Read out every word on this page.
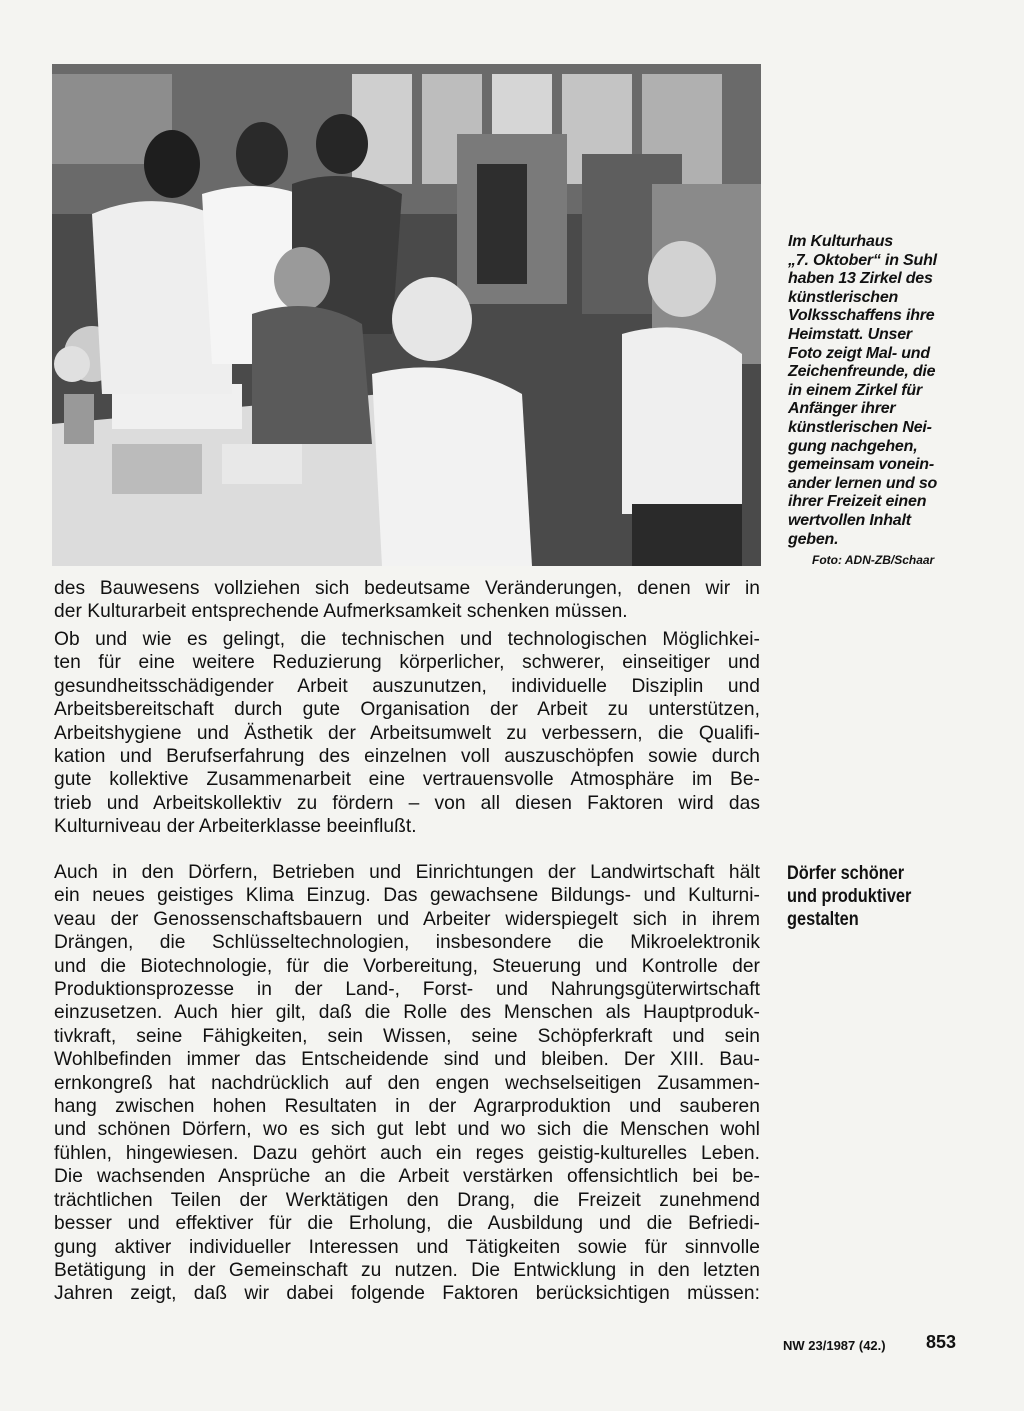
Im Kulturhaus
„7. Oktober“ in Suhl
haben 13 Zirkel des
künstlerischen
Volksschaffens ihre
Heimstatt. Unser
Foto zeigt Mal- und
Zeichenfreunde, die
in einem Zirkel für
Anfänger ihrer
künstlerischen Nei-
gung nachgehen,
gemeinsam vonein-
ander lernen und so
ihrer Freizeit einen
wertvollen Inhalt
geben.
Foto: ADN-ZB/Schaar
des Bauwesens vollziehen sich bedeutsame Veränderungen, denen wir in
der Kulturarbeit entsprechende Aufmerksamkeit schenken müssen.
Ob und wie es gelingt, die technischen und technologischen Möglichkei-
ten für eine weitere Reduzierung körperlicher, schwerer, einseitiger und
gesundheitsschädigender Arbeit auszunutzen, individuelle Disziplin und
Arbeitsbereitschaft durch gute Organisation der Arbeit zu unterstützen,
Arbeitshygiene und Ästhetik der Arbeitsumwelt zu verbessern, die Qualifi-
kation und Berufserfahrung des einzelnen voll auszuschöpfen sowie durch
gute kollektive Zusammenarbeit eine vertrauensvolle Atmosphäre im Be-
trieb und Arbeitskollektiv zu fördern – von all diesen Faktoren wird das
Kulturniveau der Arbeiterklasse beeinflußt.
Dörfer schöner
und produktiver
gestalten
Auch in den Dörfern, Betrieben und Einrichtungen der Landwirtschaft hält
ein neues geistiges Klima Einzug. Das gewachsene Bildungs- und Kulturni-
veau der Genossenschaftsbauern und Arbeiter widerspiegelt sich in ihrem
Drängen, die Schlüsseltechnologien, insbesondere die Mikroelektronik
und die Biotechnologie, für die Vorbereitung, Steuerung und Kontrolle der
Produktionsprozesse in der Land-, Forst- und Nahrungsgüterwirtschaft
einzusetzen. Auch hier gilt, daß die Rolle des Menschen als Hauptproduk-
tivkraft, seine Fähigkeiten, sein Wissen, seine Schöpferkraft und sein
Wohlbefinden immer das Entscheidende sind und bleiben. Der XIII. Bau-
ernkongreß hat nachdrücklich auf den engen wechselseitigen Zusammen-
hang zwischen hohen Resultaten in der Agrarproduktion und sauberen
und schönen Dörfern, wo es sich gut lebt und wo sich die Menschen wohl
fühlen, hingewiesen. Dazu gehört auch ein reges geistig-kulturelles Leben.
Die wachsenden Ansprüche an die Arbeit verstärken offensichtlich bei be-
trächtlichen Teilen der Werktätigen den Drang, die Freizeit zunehmend
besser und effektiver für die Erholung, die Ausbildung und die Befriedi-
gung aktiver individueller Interessen und Tätigkeiten sowie für sinnvolle
Betätigung in der Gemeinschaft zu nutzen. Die Entwicklung in den letzten
Jahren zeigt, daß wir dabei folgende Faktoren berücksichtigen müssen:
NW 23/1987 (42.) 853
